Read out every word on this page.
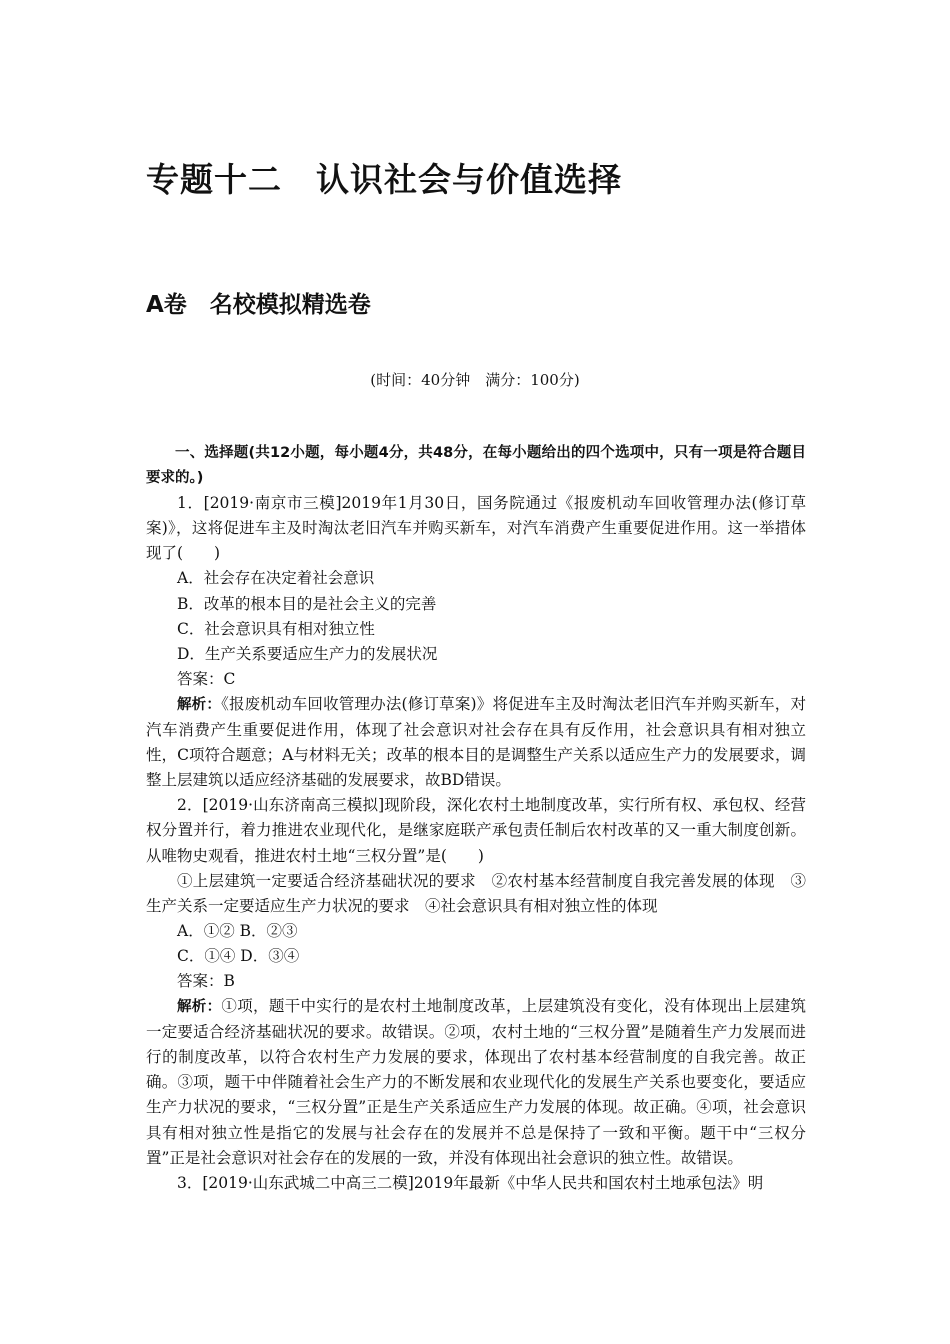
专题十二　认识社会与价值选择
A卷　名校模拟精选卷
(时间：40分钟　满分：100分)

一、选择题(共12小题，每小题4分，共48分，在每小题给出的四个选项中，只有一项是符合题目要求的。)

1．[2019·南京市三模]2019年1月30日，国务院通过《报废机动车回收管理办法(修订草案)》，这将促进车主及时淘汰老旧汽车并购买新车，对汽车消费产生重要促进作用。这一举措体现了(　　)

A．社会存在决定着社会意识

B．改革的根本目的是社会主义的完善

C．社会意识具有相对独立性

D．生产关系要适应生产力的发展状况

答案：C

解析：《报废机动车回收管理办法(修订草案)》将促进车主及时淘汰老旧汽车并购买新车，对汽车消费产生重要促进作用，体现了社会意识对社会存在具有反作用，社会意识具有相对独立性，C项符合题意；A与材料无关；改革的根本目的是调整生产关系以适应生产力的发展要求，调整上层建筑以适应经济基础的发展要求，故BD错误。

2．[2019·山东济南高三模拟]现阶段，深化农村土地制度改革，实行所有权、承包权、经营权分置并行，着力推进农业现代化，是继家庭联产承包责任制后农村改革的又一重大制度创新。从唯物史观看，推进农村土地“三权分置”是(　　)

①上层建筑一定要适合经济基础状况的要求　②农村基本经营制度自我完善发展的体现　③生产关系一定要适应生产力状况的要求　④社会意识具有相对独立性的体现

A．①② B．②③

C．①④ D．③④

答案：B

解析：①项，题干中实行的是农村土地制度改革，上层建筑没有变化，没有体现出上层建筑一定要适合经济基础状况的要求。故错误。②项，农村土地的“三权分置”是随着生产力发展而进行的制度改革，以符合农村生产力发展的要求，体现出了农村基本经营制度的自我完善。故正确。③项，题干中伴随着社会生产力的不断发展和农业现代化的发展生产关系也要变化，要适应生产力状况的要求，“三权分置”正是生产关系适应生产力发展的体现。故正确。④项，社会意识具有相对独立性是指它的发展与社会存在的发展并不总是保持了一致和平衡。题干中“三权分置”正是社会意识对社会存在的发展的一致，并没有体现出社会意识的独立性。故错误。

3．[2019·山东武城二中高三二模]2019年最新《中华人民共和国农村土地承包法》明
